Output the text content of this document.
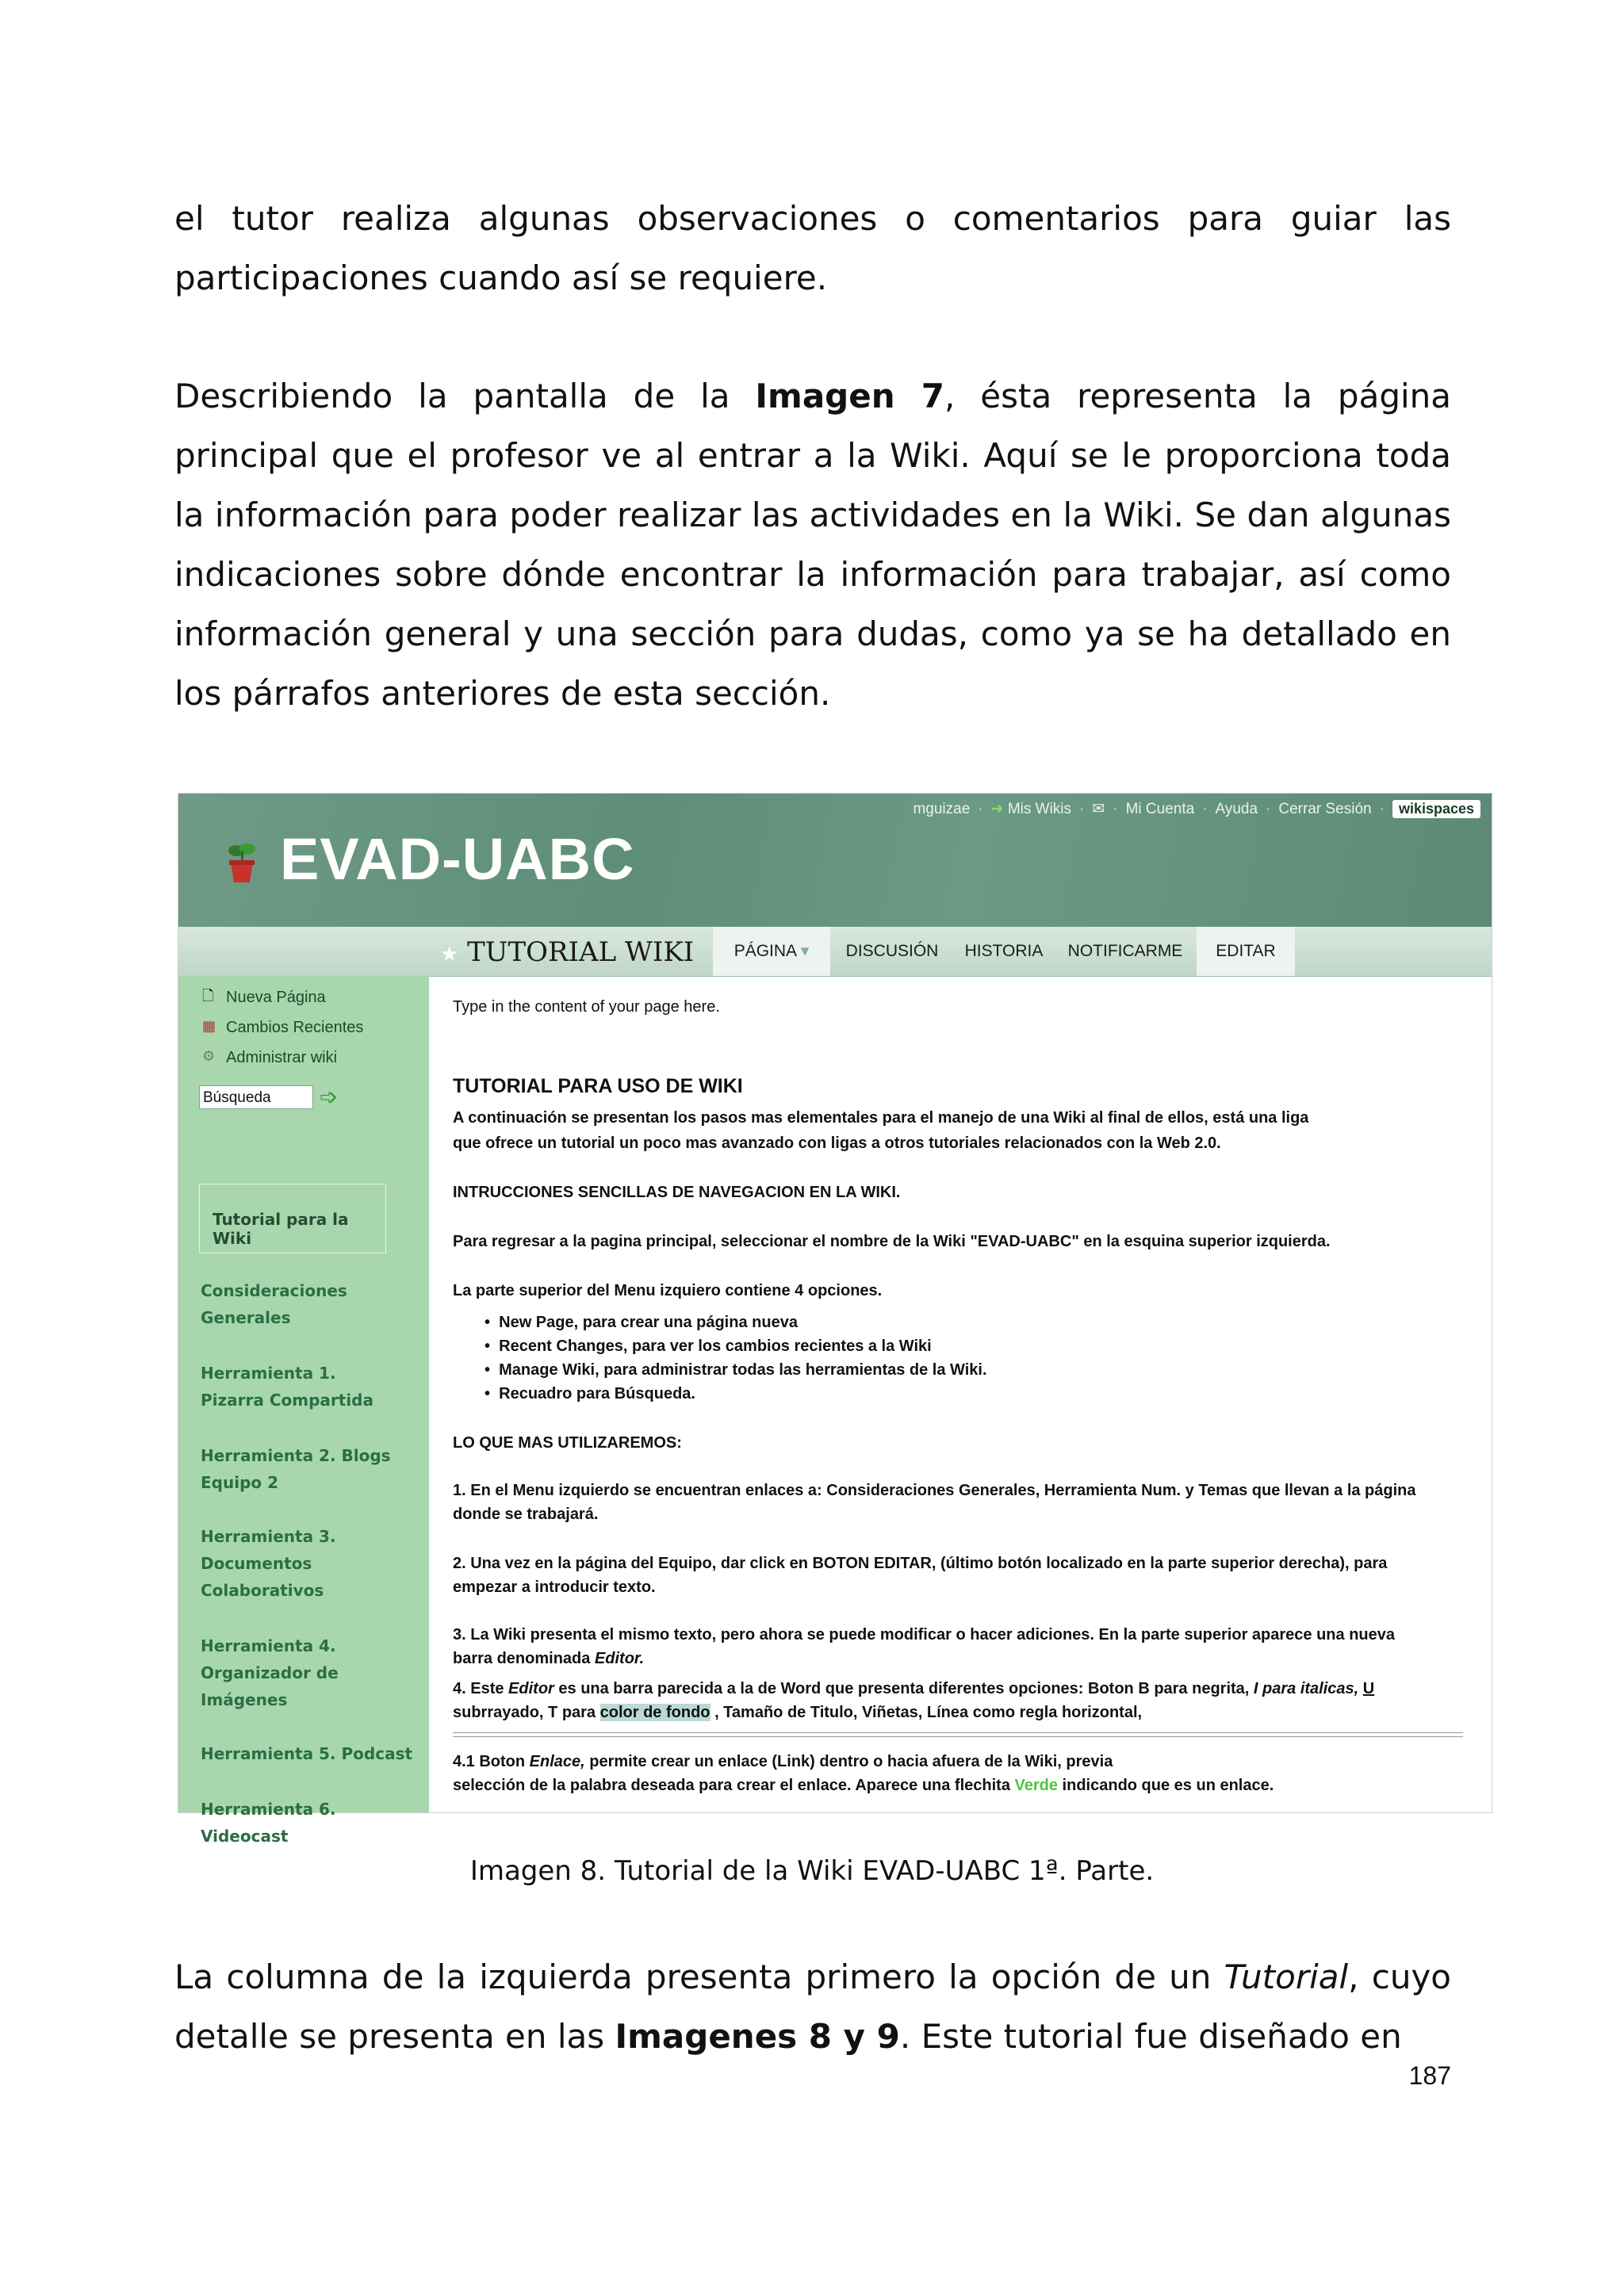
el tutor realiza algunas observaciones o comentarios para guiar las
participaciones cuando así se requiere.

Describiendo la pantalla de la Imagen 7, ésta representa la página principal que el profesor ve al entrar a la Wiki. Aquí se le proporciona toda la información para poder realizar las actividades en la Wiki. Se dan algunas indicaciones sobre dónde encontrar la información para trabajar, así como información general y una sección para dudas, como ya se ha detallado en los párrafos anteriores de esta sección.

EVAD-UABC
mguizae · ➜ Mis Wikis · ✉ · Mi Cuenta · Ayuda · Cerrar Sesión ·	wikispaces
★ TUTORIAL WIKI	PÁGINA ▾	DISCUSIÓN	HISTORIA	NOTIFICARME	EDITAR
🗋 Nueva Página
▦ Cambios Recientes
⚙ Administrar wiki
Búsqueda	➩
Tutorial para la Wiki
Consideraciones Generales
Herramienta 1. Pizarra Compartida
Herramienta 2. Blogs Equipo 2
Herramienta 3. Documentos Colaborativos
Herramienta 4. Organizador de Imágenes
Herramienta 5. Podcast
Herramienta 6. Videocast
Type in the content of your page here.
TUTORIAL PARA USO DE WIKI
A continuación se presentan los pasos mas elementales para el manejo de una Wiki al final de ellos, está una liga
que ofrece un tutorial un poco mas avanzado con ligas a otros tutoriales relacionados con la Web 2.0.
INTRUCCIONES SENCILLAS DE NAVEGACION EN LA WIKI.
Para regresar a la pagina principal, seleccionar el nombre de la Wiki "EVAD-UABC" en la esquina superior izquierda.
La parte superior del Menu izquiero contiene 4 opciones.
•  New Page, para crear una página nueva
•  Recent Changes, para ver los cambios recientes a la Wiki
•  Manage Wiki, para administrar todas las herramientas de la Wiki.
•  Recuadro para Búsqueda.
LO QUE MAS UTILIZAREMOS:
1. En el Menu izquierdo se encuentran enlaces a: Consideraciones Generales, Herramienta Num. y Temas que llevan a la página
donde se trabajará.
2. Una vez en la página del Equipo, dar click en BOTON EDITAR, (último botón localizado en la parte superior derecha), para
empezar a introducir texto.
3. La Wiki presenta el mismo texto, pero ahora se puede modificar o hacer adiciones. En la parte superior aparece una nueva
barra denominada Editor.
4. Este Editor es una barra parecida a la de Word que presenta diferentes opciones: Boton B para negrita, I para italicas, U
subrrayado, T para color de fondo , Tamaño de Titulo, Viñetas, Línea como regla horizontal,
4.1 Boton Enlace, permite crear un enlace (Link) dentro o hacia afuera de la Wiki, previa
selección de la palabra deseada para crear el enlace. Aparece una flechita Verde indicando que es un enlace.
Imagen 8. Tutorial de la Wiki EVAD-UABC 1ª. Parte.

La columna de la izquierda presenta primero la opción de un Tutorial, cuyo detalle se presenta en las Imagenes 8 y 9. Este tutorial fue diseñado en

187
